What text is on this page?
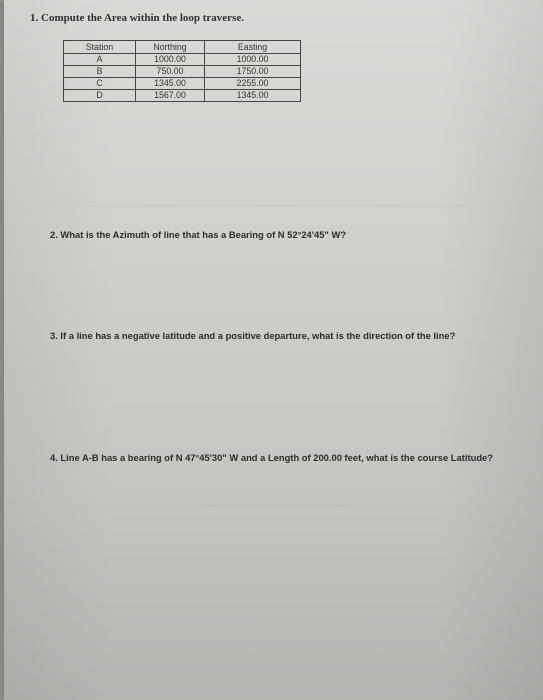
1. Compute the Area within the loop traverse.
Station	Northing	Easting
A	1000.00	1000.00
B	750.00	1750.00
C	1345.00	2255.00
D	1567.00	1345.00
2. What is the Azimuth of line that has a Bearing of N 52°24'45" W?
3. If a line has a negative latitude and a positive departure, what is the direction of the line?
4. Line A-B has a bearing of N 47°45'30" W and a Length of 200.00 feet, what is the course Latitude?
